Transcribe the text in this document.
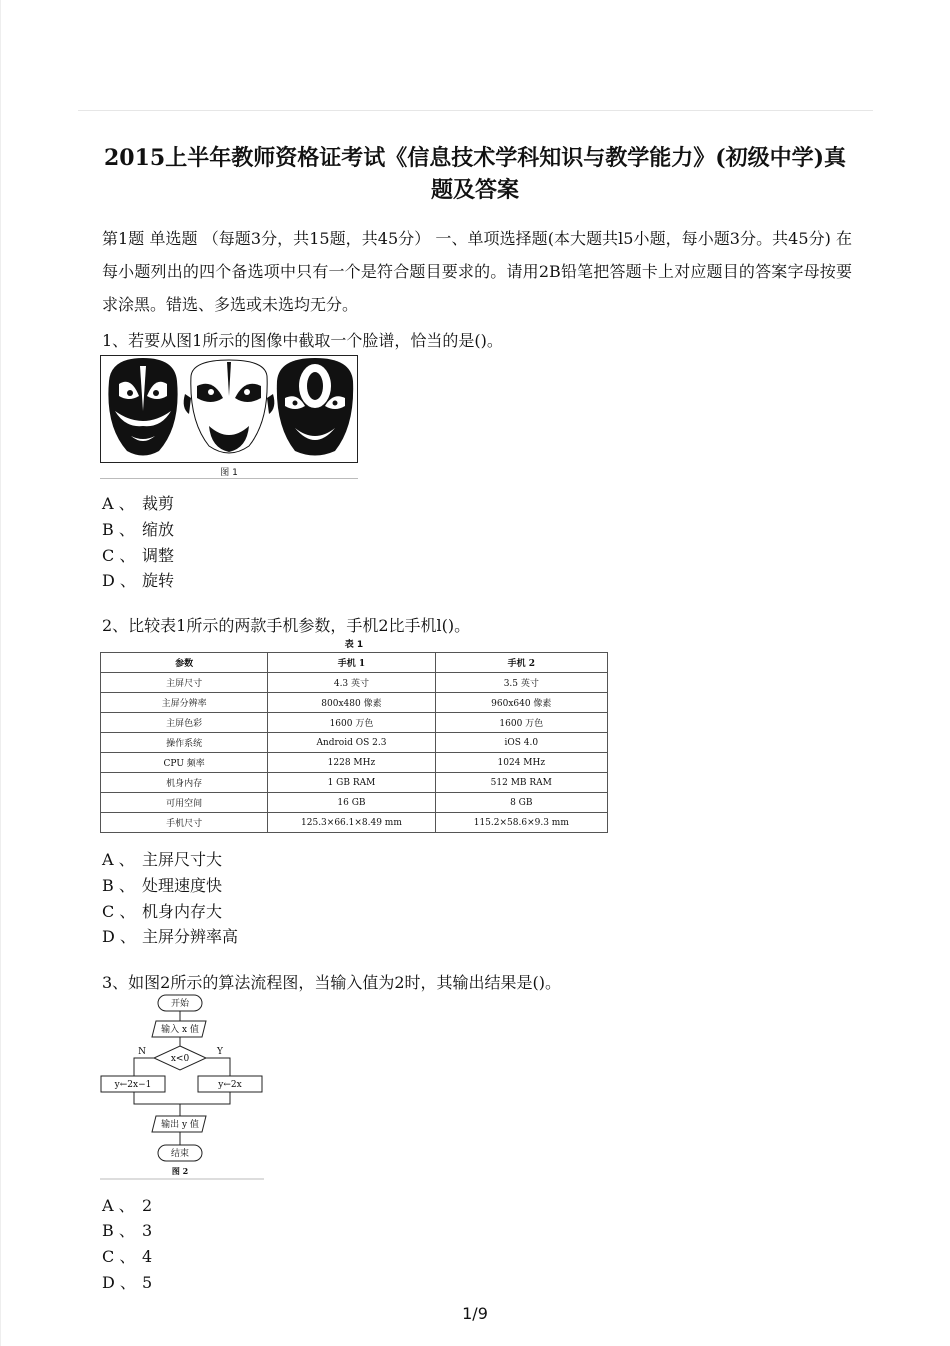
2015上半年教师资格证考试《信息技术学科知识与教学能力》(初级中学)真题及答案
第1题 单选题 （每题3分，共15题，共45分） 一、单项选择题(本大题共l5小题，每小题3分。共45分) 在每小题列出的四个备选项中只有一个是符合题目要求的。请用2B铅笔把答题卡上对应题目的答案字母按要求涂黑。错选、多选或未选均无分。
1、若要从图1所示的图像中截取一个脸谱，恰当的是()。
图 1
A 、 裁剪
B 、 缩放
C 、 调整
D 、 旋转
2、比较表1所示的两款手机参数，手机2比手机l()。
表 1
参数	手机 1	手机 2
主屏尺寸	4.3 英寸	3.5 英寸
主屏分辨率	800x480 像素	960x640 像素
主屏色彩	1600 万色	1600 万色
操作系统	Android OS 2.3	iOS 4.0
CPU 频率	1228 MHz	1024 MHz
机身内存	1 GB RAM	512 MB RAM
可用空间	16 GB	8 GB
手机尺寸	125.3×66.1×8.49 mm	115.2×58.6×9.3 mm
A 、 主屏尺寸大
B 、 处理速度快
C 、 机身内存大
D 、 主屏分辨率高
3、如图2所示的算法流程图，当输入值为2时，其输出结果是()。
开始
输入 x 值
x<0
N	Y
y←2x−1	y←2x
输出 y 值
结束
图 2
A 、 2
B 、 3
C 、 4
D 、 5
1/9
